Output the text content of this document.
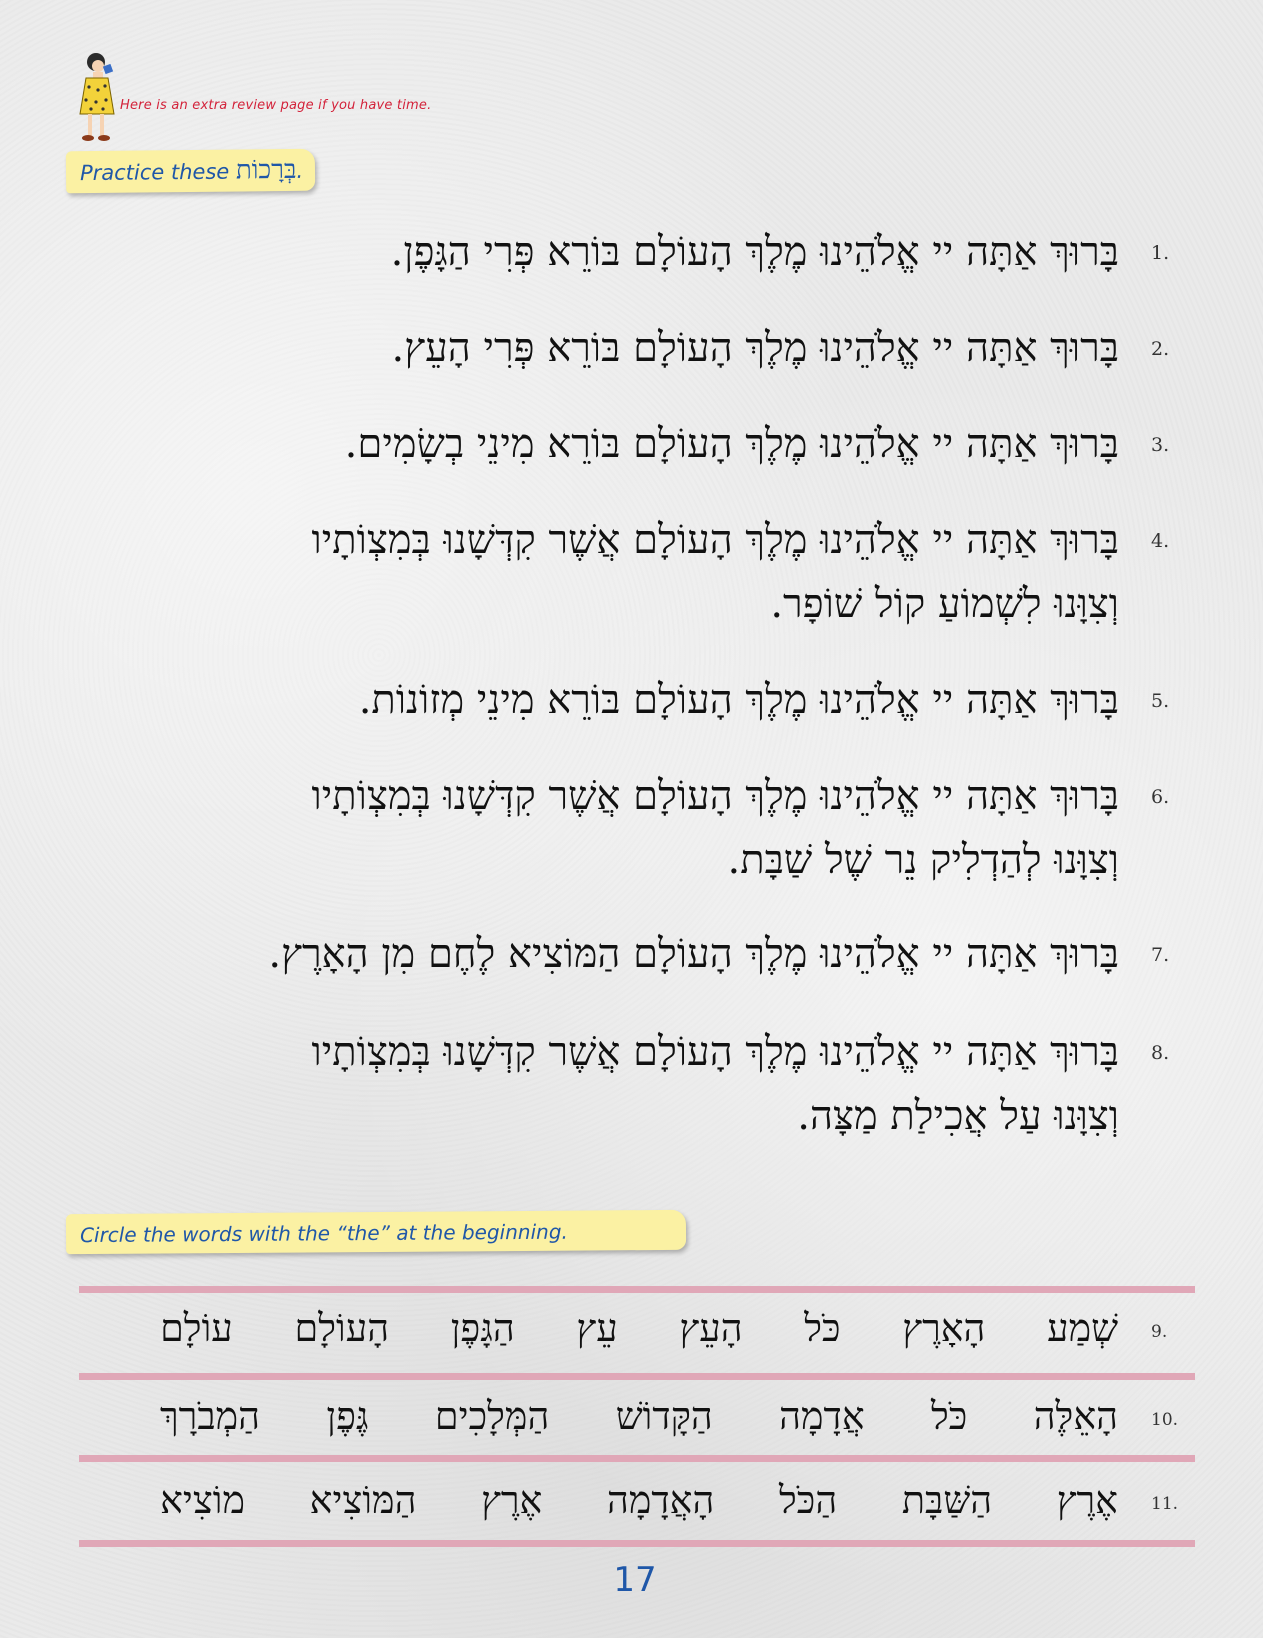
Here is an extra review page if you have time.
Practice these בְּרָכוֹת.
1.
בָּרוּךְ אַתָּה יי אֱלֹהֵינוּ מֶלֶךְ הָעוֹלָם בּוֹרֵא פְּרִי הַגָּפֶן.
2.
בָּרוּךְ אַתָּה יי אֱלֹהֵינוּ מֶלֶךְ הָעוֹלָם בּוֹרֵא פְּרִי הָעֵץ.
3.
בָּרוּךְ אַתָּה יי אֱלֹהֵינוּ מֶלֶךְ הָעוֹלָם בּוֹרֵא מִינֵי בְשָׂמִים.
4.
בָּרוּךְ אַתָּה יי אֱלֹהֵינוּ מֶלֶךְ הָעוֹלָם אֲשֶׁר קִדְּשָׁנוּ בְּמִצְוֹתָיו
וְצִוָּנוּ לִשְׁמוֹעַ קוֹל שׁוֹפָר.
5.
בָּרוּךְ אַתָּה יי אֱלֹהֵינוּ מֶלֶךְ הָעוֹלָם בּוֹרֵא מִינֵי מְזוֹנוֹת.
6.
בָּרוּךְ אַתָּה יי אֱלֹהֵינוּ מֶלֶךְ הָעוֹלָם אֲשֶׁר קִדְּשָׁנוּ בְּמִצְוֹתָיו
וְצִוָּנוּ לְהַדְלִיק נֵר שֶׁל שַׁבָּת.
7.
בָּרוּךְ אַתָּה יי אֱלֹהֵינוּ מֶלֶךְ הָעוֹלָם הַמּוֹצִיא לֶחֶם מִן הָאָרֶץ.
8.
בָּרוּךְ אַתָּה יי אֱלֹהֵינוּ מֶלֶךְ הָעוֹלָם אֲשֶׁר קִדְּשָׁנוּ בְּמִצְוֹתָיו
וְצִוָּנוּ עַל אֲכִילַת מַצָּה.
Circle the words with the “the” at the beginning.
9.
עוֹלָם הָעוֹלָם הַגָּפֶן עֵץ הָעֵץ כֹּל הָאָרֶץ שְׁמַע
10.
הַמְבֹרָךְ גֶּפֶן הַמְּלָכִים הַקָּדוֹשׁ אֲדָמָה כֹּל הָאֵלֶּה
11.
מוֹצִיא הַמּוֹצִיא אֶרֶץ הָאֲדָמָה הַכֹּל הַשַּׁבָּת אֶרֶץ
17
